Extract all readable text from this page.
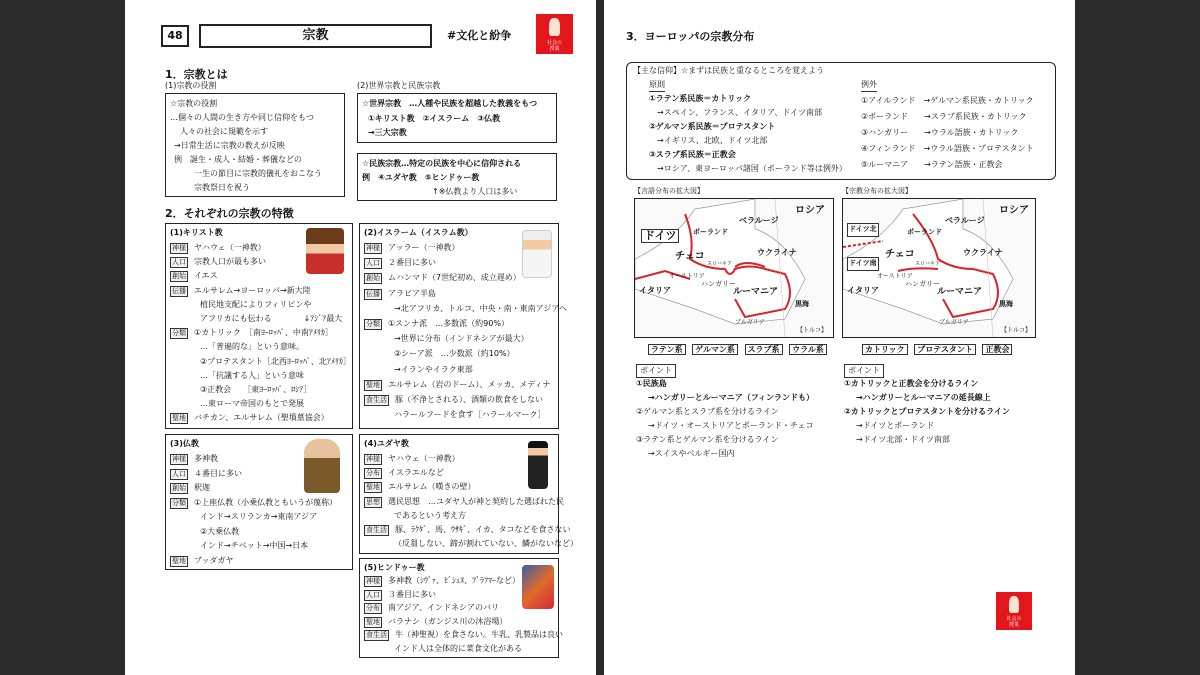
48	宗教	#文化と紛争
社会の
授業
1．宗教とは
(1)宗教の役割
☆宗教の役割
…個々の人間の生き方や同じ信仰をもつ
人々の社会に規範を示す
→日常生活に宗教の教えが反映
例　誕生・成人・結婚・葬儀などの
一生の節目に宗教的儀礼をおこなう
宗教祭日を祝う
(2)世界宗教と民族宗教
☆世界宗教　…人種や民族を超越した教義をもつ
①キリスト教　②イスラーム　③仏教
→三大宗教
☆民族宗教…特定の民族を中心に信仰される
例　④ユダヤ教　⑤ヒンドゥー教
↑※仏教より人口は多い
2．それぞれの宗教の特徴
(1)キリスト教
神様 ヤハウェ（一神教）
人口 宗教人口が最も多い
創始 イエス
伝播 エルサレム→ヨーロッパ→新大陸
植民地支配によりフィリピンや
アフリカにも伝わる　　　　↓ｱｼﾞｱ最大
分類 ①カトリック　［南ﾖｰﾛｯﾊﾟ、中南ｱﾒﾘｶ］
…「普遍的な」という意味。
②プロテスタント［北西ﾖｰﾛｯﾊﾟ、北ｱﾒﾘｶ］
…「抗議する人」という意味
③正教会　　［東ﾖｰﾛｯﾊﾟ、ﾛｼｱ］
…東ローマ帝国のもとで発展
聖地 バチカン、エルサレム（聖墳墓協会）
(2)イスラーム（イスラム教）
神様 アッラー（一神教）
人口 ２番目に多い
創始 ムハンマド（7世紀初め、成立遅め）
伝播 アラビア半島
→北アフリカ、トルコ、中央・南・東南アジアへ
分類 ①スンナ派　…多数派（約90%）
→世界に分布（インドネシアが最大）
②シーア派　…少数派（約10%）
→イランやイラク東部
聖地 エルサレム（岩のドーム）、メッカ、メディナ
食生活 豚（不浄とされる）、酒類の飲食をしない
ハラールフードを食す［ハラールマーク］
(3)仏教
神様 多神教
人口 ４番目に多い
創始 釈迦
分類 ①上座仏教（小乗仏教ともいうが蔑称）
インド→スリランカ→東南アジア
②大乗仏教
インド→チベット→中国→日本
聖地 ブッダガヤ
(4)ユダヤ教
神様 ヤハウェ（一神教）
分布 イスラエルなど
聖地 エルサレム（嘆きの壁）
思想 選民思想　…ユダヤ人が神と契約した選ばれた民
であるという考え方
食生活 豚、ﾗｸﾀﾞ、馬、ｳｻｷﾞ、イカ、タコなどを食さない
（反芻しない、蹄が割れていない、鱗がないなど）
(5)ヒンドゥー教
神様 多神教（ｼｳﾞｧ、ﾋﾞｼｭﾇ、ﾌﾞﾗﾌﾏｰなど）
人口 ３番目に多い
分布 南アジア、インドネシアのバリ
聖地 バラナシ（ガンジス川の沐浴場）
食生活 牛（神聖視）を食さない。牛乳、乳製品は良い
インド人は全体的に菜食文化がある
3．ヨーロッパの宗教分布
【主な信仰】☆まずは民族と重なるところを覚えよう
原則
①ラテン系民族＝カトリック
→スペイン、フランス、イタリア、ドイツ南部
②ゲルマン系民族＝プロテスタント
→イギリス、北欧、ドイツ北部
③スラブ系民族＝正教会
→ロシア、東ヨーロッパ諸国（ポーランド等は例外）
例外
①アイルランド　→ゲルマン系民族・カトリック
②ポーランド　　→スラブ系民族・カトリック
③ハンガリー　　→ウラル語族・カトリック
④フィンランド　→ウラル語族・プロテスタント
⑤ルーマニア　　→ラテン語族・正教会
【言語分布の拡大図】
ロシア
ベラルージ
ポーランド
ドイツ
チェコ	ウクライナ
スロバキア
オーストリア
ハンガリー
ルーマニア
イタリア
黒海
ブルガリア
【トルコ】
ラテン系 ゲルマン系 スラブ系 ウラル系
ポイント
①民族島
→ハンガリーとルーマニア（フィンランドも）
②ゲルマン系とスラブ系を分けるライン
→ドイツ・オーストリアとポーランド・チェコ
③ラテン系とゲルマン系を分けるライン
→スイスやベルギー国内
【宗教分布の拡大図】
ロシア
ベラルージ
ポーランド
ドイツ北
ドイツ南
チェコ	ウクライナ
スロバキア
オーストリア
ハンガリー
ルーマニア
イタリア
黒海
ブルガリア
【トルコ】
カトリック プロテスタント 正教会
ポイント
①カトリックと正教会を分けるライン
→ハンガリーとルーマニアの延長線上
②カトリックとプロテスタントを分けるライン
→ドイツとポーランド
→ドイツ北部・ドイツ南部
社会の
授業
